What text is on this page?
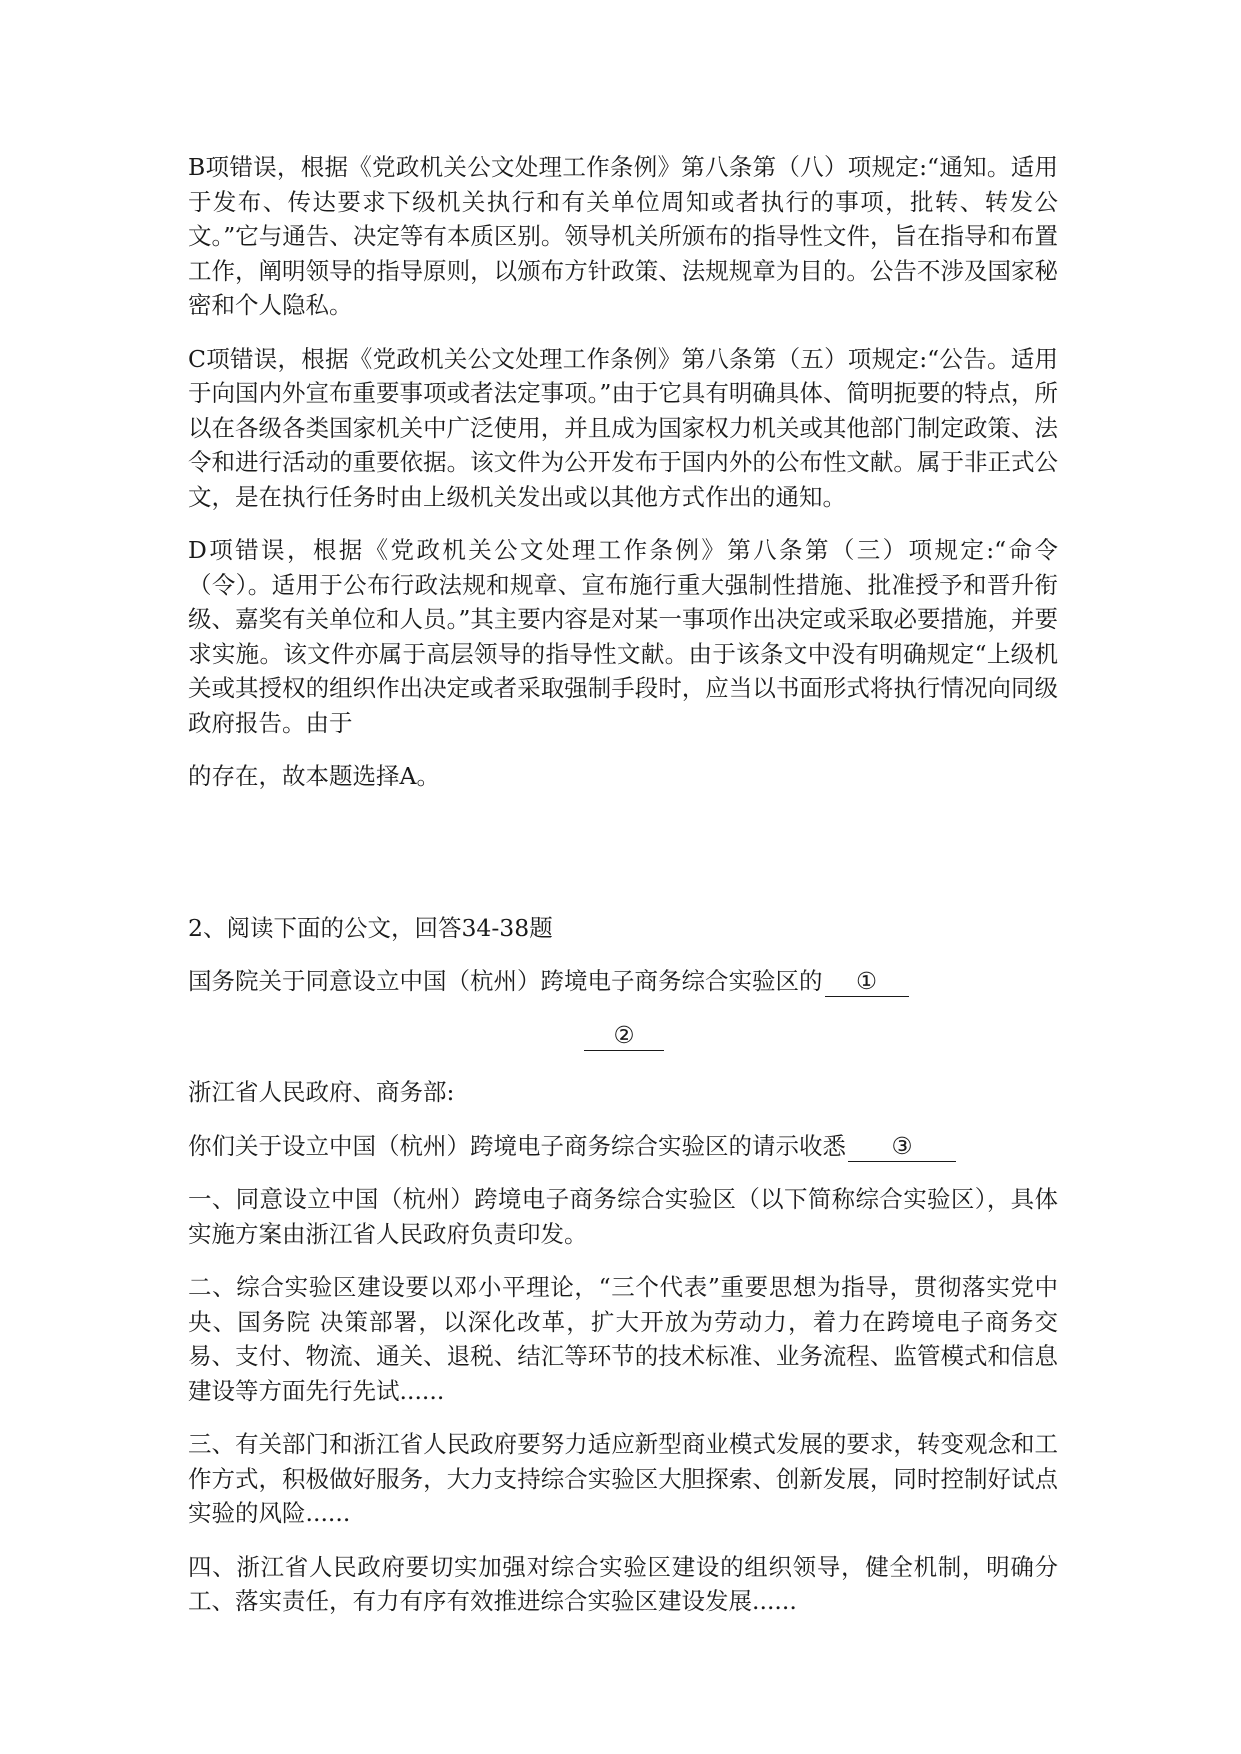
B项错误，根据《党政机关公文处理工作条例》第八条第（八）项规定:“通知。适用于发布、传达要求下级机关执行和有关单位周知或者执行的事项，批转、转发公文。”它与通告、决定等有本质区别。领导机关所颁布的指导性文件，旨在指导和布置工作，阐明领导的指导原则，以颁布方针政策、法规规章为目的。公告不涉及国家秘密和个人隐私。

C项错误，根据《党政机关公文处理工作条例》第八条第（五）项规定:“公告。适用于向国内外宣布重要事项或者法定事项。”由于它具有明确具体、简明扼要的特点，所以在各级各类国家机关中广泛使用，并且成为国家权力机关或其他部门制定政策、法令和进行活动的重要依据。该文件为公开发布于国内外的公布性文献。属于非正式公文，是在执行任务时由上级机关发出或以其他方式作出的通知。

D项错误，根据《党政机关公文处理工作条例》第八条第（三）项规定:“命令（令）。适用于公布行政法规和规章、宣布施行重大强制性措施、批准授予和晋升衔级、嘉奖有关单位和人员。”其主要内容是对某一事项作出决定或采取必要措施，并要求实施。该文件亦属于高层领导的指导性文献。由于该条文中没有明确规定“上级机关或其授权的组织作出决定或者采取强制手段时，应当以书面形式将执行情况向同级政府报告。由于

的存在，故本题选择A。

2、阅读下面的公文，回答34-38题

国务院关于同意设立中国（杭州）跨境电子商务综合实验区的 ①

②

浙江省人民政府、商务部:

你们关于设立中国（杭州）跨境电子商务综合实验区的请示收悉 ③

一、同意设立中国（杭州）跨境电子商务综合实验区（以下简称综合实验区），具体实施方案由浙江省人民政府负责印发。

二、综合实验区建设要以邓小平理论，“三个代表”重要思想为指导，贯彻落实党中央、国务院 决策部署，以深化改革，扩大开放为劳动力，着力在跨境电子商务交易、支付、物流、通关、退税、结汇等环节的技术标准、业务流程、监管模式和信息建设等方面先行先试......

三、有关部门和浙江省人民政府要努力适应新型商业模式发展的要求，转变观念和工作方式，积极做好服务，大力支持综合实验区大胆探索、创新发展，同时控制好试点实验的风险......

四、浙江省人民政府要切实加强对综合实验区建设的组织领导，健全机制，明确分工、落实责任，有力有序有效推进综合实验区建设发展......
